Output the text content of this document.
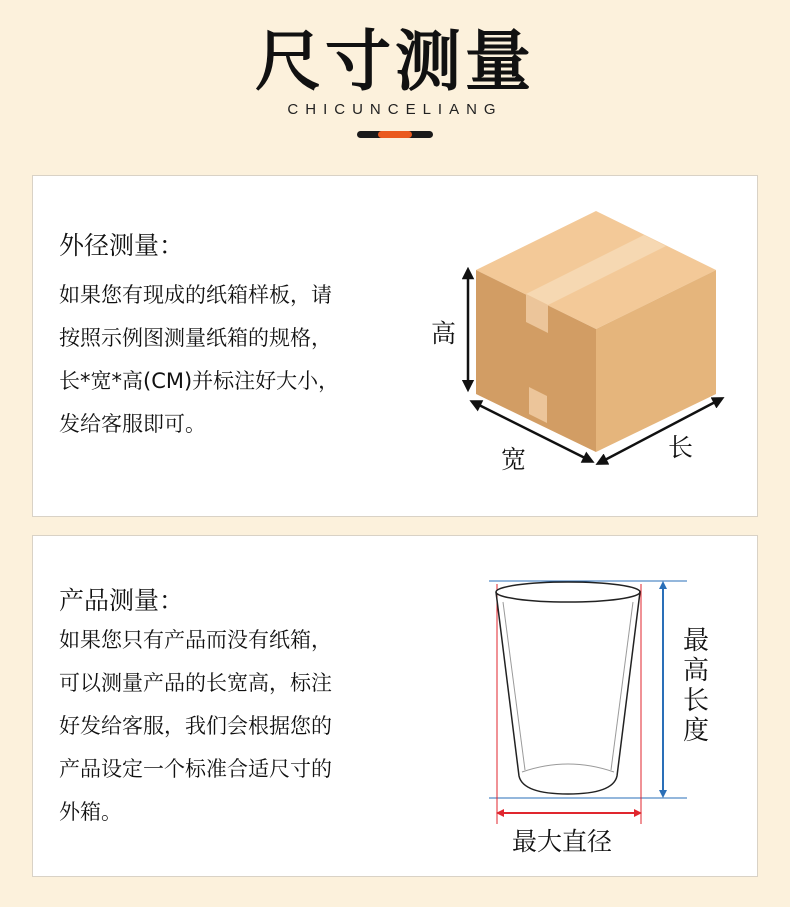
尺寸测量
CHICUNCELIANG
外径测量：
如果您有现成的纸箱样板，请
按照示例图测量纸箱的规格，
长*宽*高(CM)并标注好大小，
发给客服即可。
高
宽	长
产品测量：
如果您只有产品而没有纸箱，
可以测量产品的长宽高，标注
好发给客服，我们会根据您的
产品设定一个标准合适尺寸的
外箱。
最
高
长
度
最大直径
